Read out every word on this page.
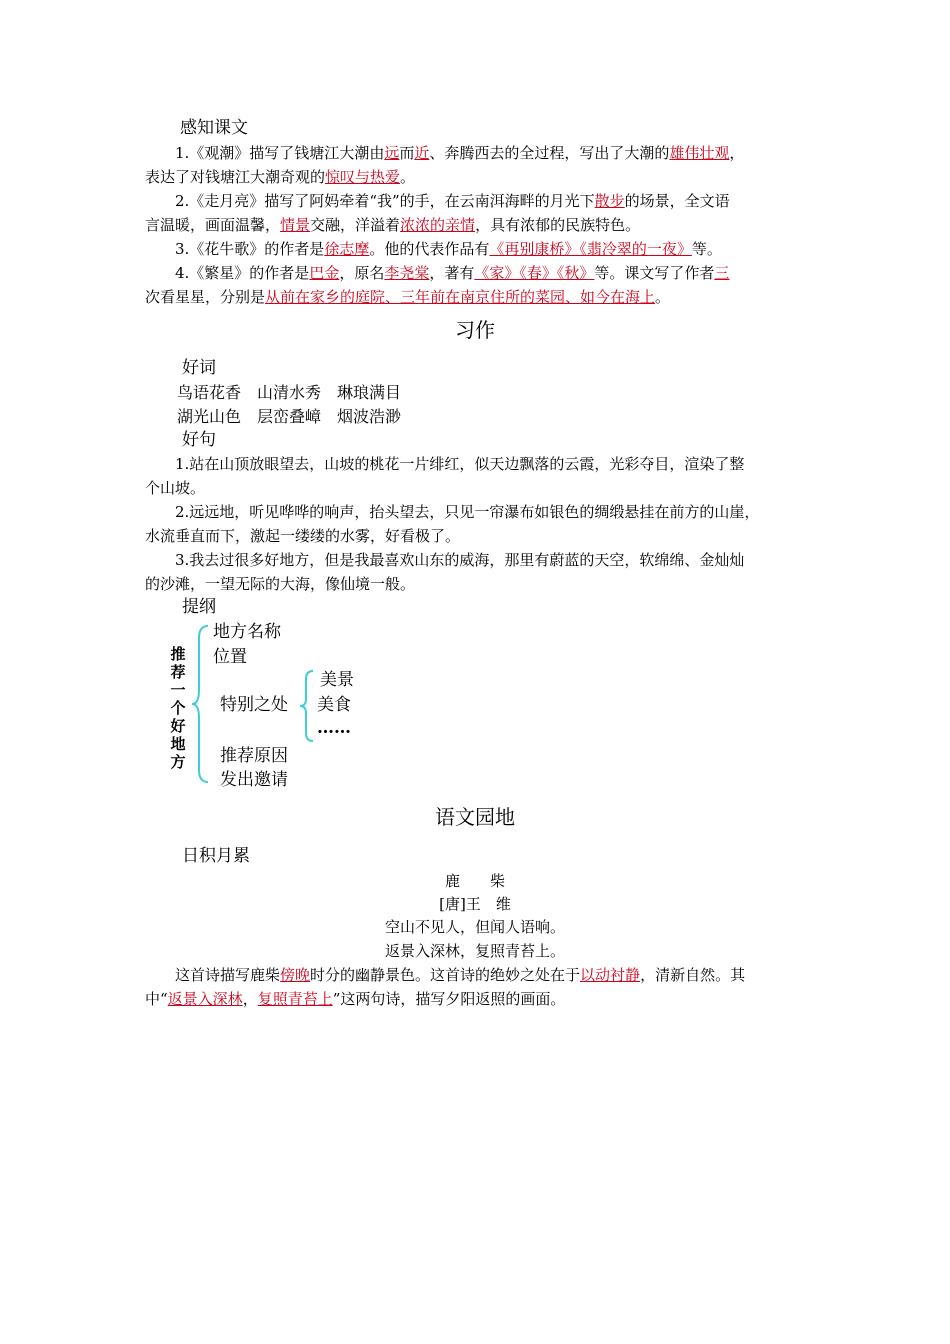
感知课文
1.《观潮》描写了钱塘江大潮由远而近、奔腾西去的全过程，写出了大潮的雄伟壮观，
表达了对钱塘江大潮奇观的惊叹与热爱。
2.《走月亮》描写了阿妈牵着“我”的手，在云南洱海畔的月光下散步的场景，全文语
言温暖，画面温馨，情景交融，洋溢着浓浓的亲情，具有浓郁的民族特色。
3.《花牛歌》的作者是徐志摩。他的代表作品有《再别康桥》《翡冷翠的一夜》等。
4.《繁星》的作者是巴金，原名李尧棠，著有《家》《春》《秋》等。课文写了作者三
次看星星，分别是从前在家乡的庭院、三年前在南京住所的菜园、如今在海上。
习作
好词
鸟语花香　山清水秀　琳琅满目
湖光山色　层峦叠嶂　烟波浩渺
好句
1.站在山顶放眼望去，山坡的桃花一片绯红，似天边飘落的云霞，光彩夺目，渲染了整
个山坡。
2.远远地，听见哗哗的响声，抬头望去，只见一帘瀑布如银色的绸缎悬挂在前方的山崖，
水流垂直而下，激起一缕缕的水雾，好看极了。
3.我去过很多好地方，但是我最喜欢山东的威海，那里有蔚蓝的天空，软绵绵、金灿灿
的沙滩，一望无际的大海，像仙境一般。
提纲
推
荐
一
个
好
地
方
地方名称
位置
特别之处
美景
美食
……
推荐原因
发出邀请
语文园地
日积月累
鹿　　柴
[唐]王　维
空山不见人，但闻人语响。
返景入深林，复照青苔上。
这首诗描写鹿柴傍晚时分的幽静景色。这首诗的绝妙之处在于以动衬静，清新自然。其
中“返景入深林，复照青苔上”这两句诗，描写夕阳返照的画面。
